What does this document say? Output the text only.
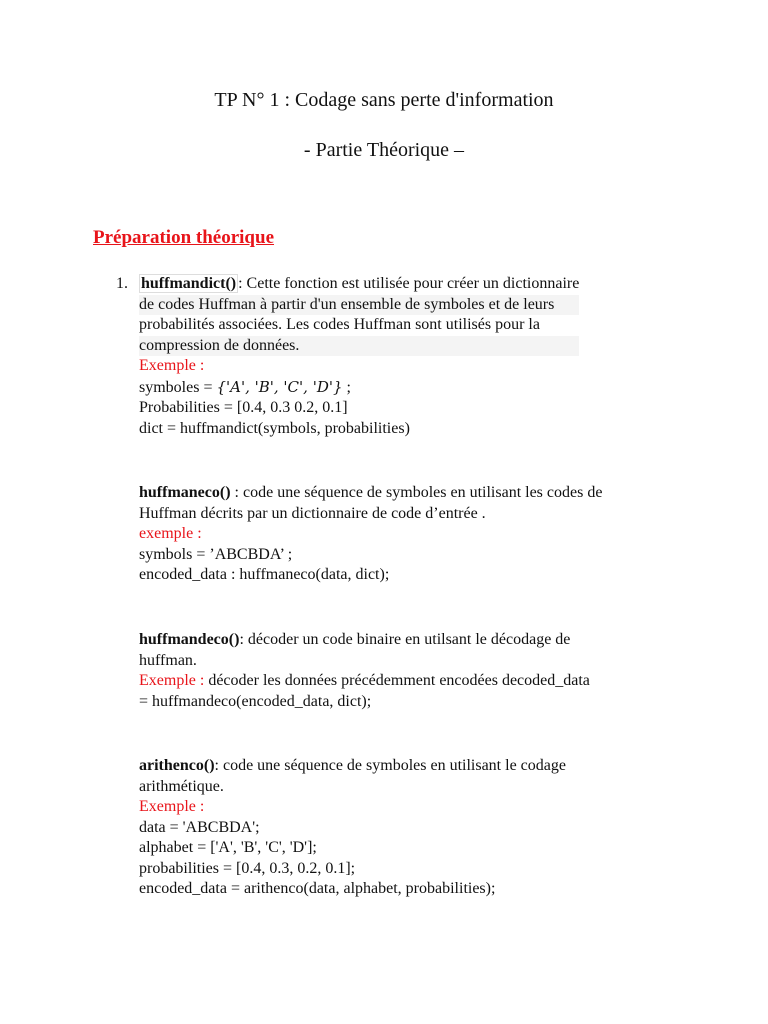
TP N° 1 : Codage sans perte d'information
- Partie Théorique –
Préparation théorique
1. huffmandict() : Cette fonction est utilisée pour créer un dictionnaire

de codes Huffman à partir d'un ensemble de symboles et de leurs

probabilités associées. Les codes Huffman sont utilisés pour la

compression de données.

Exemple :

symboles = {'A', 'B', 'C', 'D'} ;

Probabilities = [0.4, 0.3 0.2, 0.1]

dict = huffmandict(symbols, probabilities)

huffmaneco() : code une séquence de symboles en utilisant les codes de

Huffman décrits par un dictionnaire de code d’entrée .

exemple :

symbols = ’ABCBDA’ ;

encoded_data : huffmaneco(data, dict);

huffmandeco(): décoder un code binaire en utilsant le décodage de

huffman.

Exemple : décoder les données précédemment encodées decoded_data

= huffmandeco(encoded_data, dict);

arithenco(): code une séquence de symboles en utilisant le codage

arithmétique.

Exemple :

data = 'ABCBDA';

alphabet = ['A', 'B', 'C', 'D'];

probabilities = [0.4, 0.3, 0.2, 0.1];

encoded_data = arithenco(data, alphabet, probabilities);
